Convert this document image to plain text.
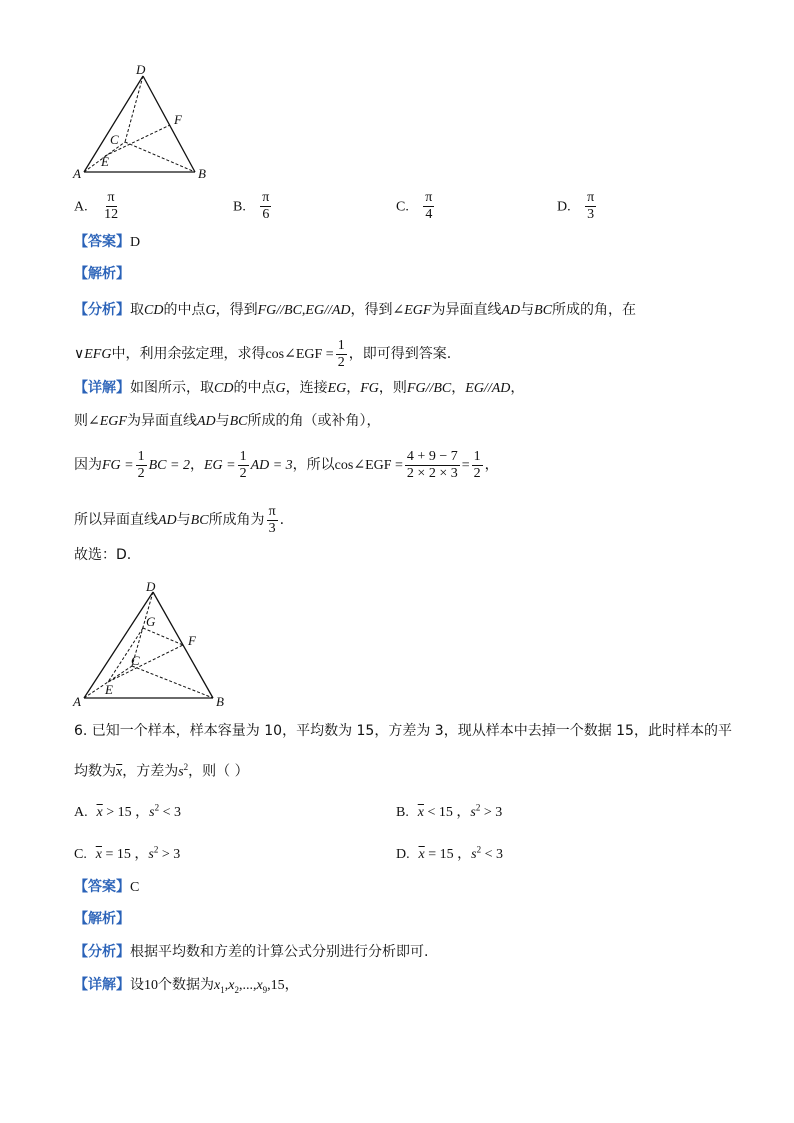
D
F
C
E
A	B
A. $\frac{\pi}{12}$	B. $\frac{\pi}{6}$	C. $\frac{\pi}{4}$	D. $\frac{\pi}{3}$
【答案】D
【解析】
【分析】取CD的中点G，得到FG//BC,EG//AD，得到∠EGF为异面直线AD与BC所成的角，在
∨EFG中，利用余弦定理，求得cos∠EGF = $\frac{1}{2}$ ，即可得到答案.
【详解】如图所示，取CD的中点G，连接EG，FG，则FG//BC，EG//AD，
则∠EGF为异面直线AD与BC所成的角（或补角），
因为FG = $\frac{1}{2}$ BC = 2，EG = $\frac{1}{2}$ AD = 3，所以cos∠EGF = $\frac{4 + 9 - 7}{2 \times 2 \times 3} = \frac{1}{2}$ ，
所以异面直线AD与BC所成角为 $\frac{\pi}{3}$ .
故选：D.
D
G
F
C
E
A	B
6. 已知一个样本，样本容量为 10，平均数为 15，方差为 3，现从样本中去掉一个数据 15，此时样本的平
均数为$\overline{x}$，方差为$s^2$，则（ ）
A. $\overline{x} > 15$ ，$s^2 < 3$	B. $\overline{x} < 15$ ，$s^2 > 3$
C. $\overline{x} = 15$ ，$s^2 > 3$	D. $\overline{x} = 15$ ，$s^2 < 3$
【答案】C
【解析】
【分析】根据平均数和方差的计算公式分别进行分析即可.
【详解】设10个数据为$x_1,x_2,...,x_9,15$，
